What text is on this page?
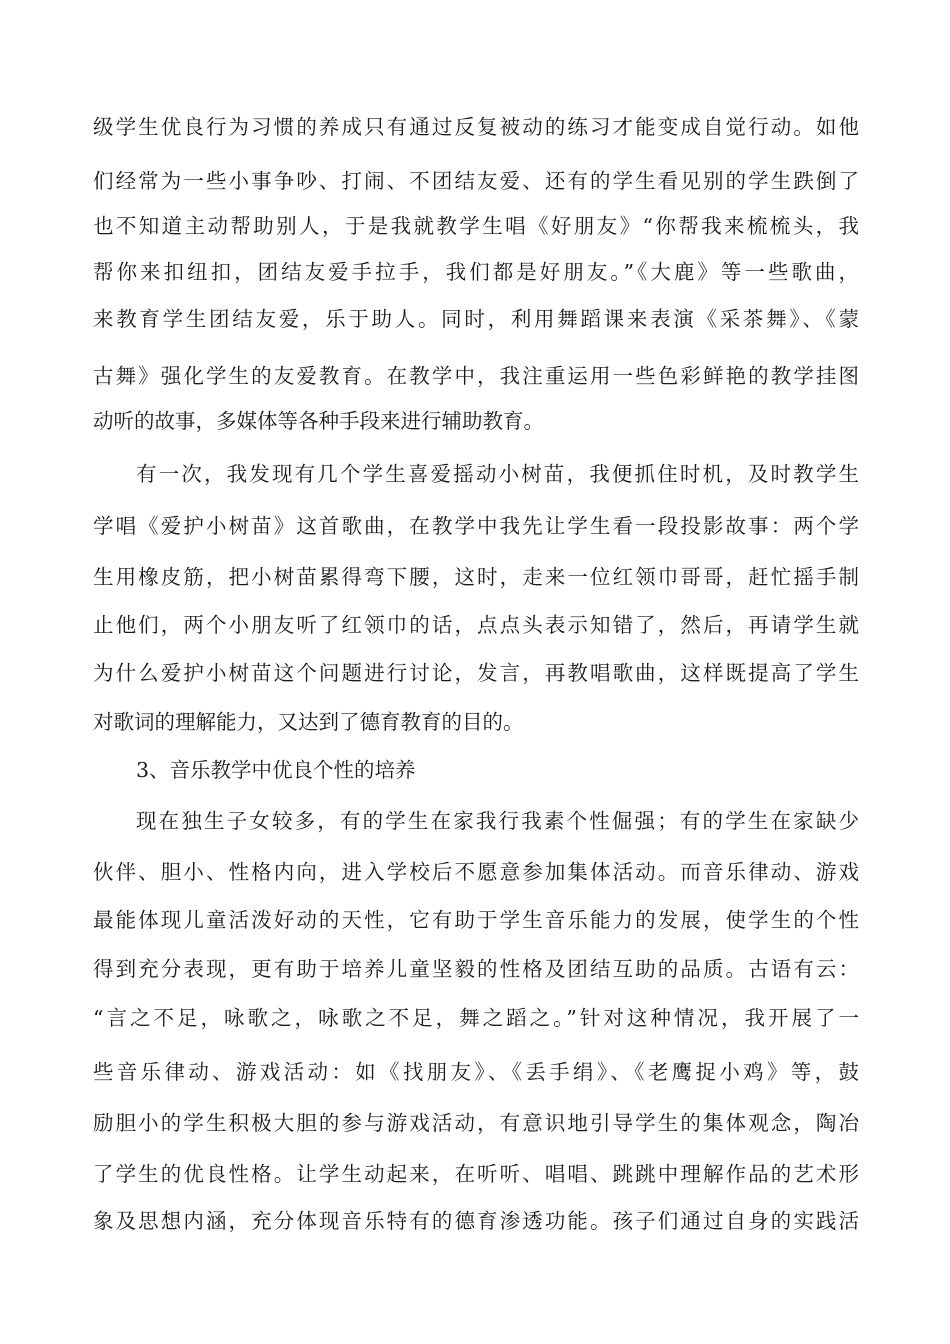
级学生优良行为习惯的养成只有通过反复被动的练习才能变成自觉行动。如他
们经常为一些小事争吵、打闹、不团结友爱、还有的学生看见别的学生跌倒了
也不知道主动帮助别人，于是我就教学生唱《好朋友》“你帮我来梳梳头，我
帮你来扣纽扣，团结友爱手拉手，我们都是好朋友。”《大鹿》等一些歌曲，
来教育学生团结友爱，乐于助人。同时，利用舞蹈课来表演《采茶舞》、《蒙
古舞》强化学生的友爱教育。在教学中，我注重运用一些色彩鲜艳的教学挂图
动听的故事，多媒体等各种手段来进行辅助教育。
有一次，我发现有几个学生喜爱摇动小树苗，我便抓住时机，及时教学生
学唱《爱护小树苗》这首歌曲，在教学中我先让学生看一段投影故事：两个学
生用橡皮筋，把小树苗累得弯下腰，这时，走来一位红领巾哥哥，赶忙摇手制
止他们，两个小朋友听了红领巾的话，点点头表示知错了，然后，再请学生就
为什么爱护小树苗这个问题进行讨论，发言，再教唱歌曲，这样既提高了学生
对歌词的理解能力，又达到了德育教育的目的。
3、音乐教学中优良个性的培养
现在独生子女较多，有的学生在家我行我素个性倔强；有的学生在家缺少
伙伴、胆小、性格内向，进入学校后不愿意参加集体活动。而音乐律动、游戏
最能体现儿童活泼好动的天性，它有助于学生音乐能力的发展，使学生的个性
得到充分表现，更有助于培养儿童坚毅的性格及团结互助的品质。古语有云：
“言之不足，咏歌之，咏歌之不足，舞之蹈之。”针对这种情况，我开展了一
些音乐律动、游戏活动：如《找朋友》、《丢手绢》、《老鹰捉小鸡》等，鼓
励胆小的学生积极大胆的参与游戏活动，有意识地引导学生的集体观念，陶冶
了学生的优良性格。让学生动起来，在听听、唱唱、跳跳中理解作品的艺术形
象及思想内涵，充分体现音乐特有的德育渗透功能。孩子们通过自身的实践活
